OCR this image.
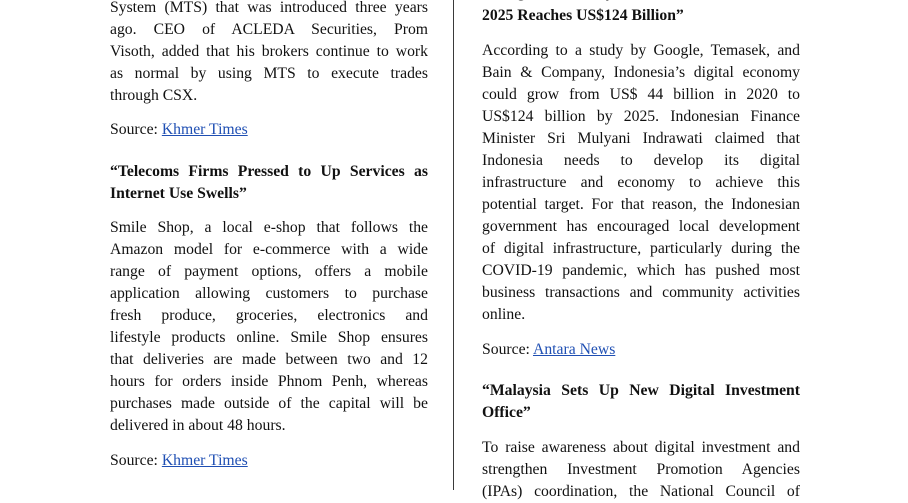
System (MTS) that was introduced three years
ago. CEO of ACLEDA Securities, Prom
Visoth, added that his brokers continue to work
as normal by using MTS to execute trades
through CSX.
Source: Khmer Times
“Telecoms Firms Pressed to Up Services as
Internet Use Swells”
Smile Shop, a local e-shop that follows the
Amazon model for e-commerce with a wide
range of payment options, offers a mobile
application allowing customers to purchase
fresh produce, groceries, electronics and
lifestyle products online. Smile Shop ensures
that deliveries are made between two and 12
hours for orders inside Phnom Penh, whereas
purchases made outside of the capital will be
delivered in about 48 hours.
Source: Khmer Times
2025 Reaches US$124 Billion”
According to a study by Google, Temasek, and
Bain & Company, Indonesia’s digital economy
could grow from US$ 44 billion in 2020 to
US$124 billion by 2025. Indonesian Finance
Minister Sri Mulyani Indrawati claimed that
Indonesia needs to develop its digital
infrastructure and economy to achieve this
potential target. For that reason, the Indonesian
government has encouraged local development
of digital infrastructure, particularly during the
COVID-19 pandemic, which has pushed most
business transactions and community activities
online.
Source: Antara News
“Malaysia Sets Up New Digital Investment
Office”
To raise awareness about digital investment and
strengthen Investment Promotion Agencies
(IPAs) coordination, the National Council of
